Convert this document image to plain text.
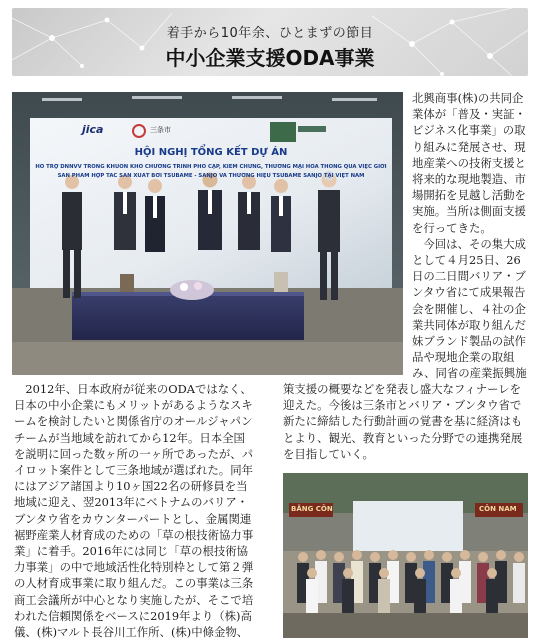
着手から10年余、ひとまずの節目
中小企業支援ODA事業
jica	三条市
HỘI NGHỊ TỔNG KẾT DỰ ÁN
HỖ TRỢ DNNVV TRONG KHUÔN KHỔ CHƯƠNG TRÌNH PHỔ CẬP, KIỂM CHỨNG, THƯƠNG MẠI HÓA THÔNG QUA VIỆC GIỚI
SẢN PHẨM HỢP TÁC SẢN XUẤT BỞI TSUBAME - SANJO VÀ THƯƠNG HIỆU TSUBAME SANJO TẠI VIỆT NAM
BĂNG CÔN	CÔN NAM
北興商事(株)の共同企
業体が「普及・実証・
ビジネス化事業」の取
り組みに発展させ、現
地産業への技術支援と
将来的な現地製造、市
場開拓を見越し活動を
実施。当所は側面支援
を行ってきた。
　今回は、その集大成
として４月25日、26
日の二日間バリア・ブ
ンタウ省にて成果報告
会を開催し、４社の企
業共同体が取り組んだ
妹ブランド製品の試作
品や現地企業の取組
み、同省の産業振興施
　2012年、日本政府が従来のODAではなく、
日本の中小企業にもメリットがあるようなスキ
ームを検討したいと関係省庁のオールジャパン
チームが当地域を訪れてから12年。日本全国
を説明に回った数ヶ所の一ヶ所であったが、パ
イロット案件として三条地域が選ばれた。同年
にはアジア諸国より10ヶ国22名の研修員を当
地域に迎え、翌2013年にベトナムのバリア・
ブンタウ省をカウンターパートとし、金属関連
裾野産業人材育成のための「草の根技術協力事
業」に着手。2016年には同じ「草の根技術協
力事業」の中で地域活性化特別枠として第２弾
の人材育成事業に取り組んだ。この事業は三条
商工会議所が中心となり実施したが、そこで培
われた信頼関係をベースに2019年より（株)高
儀、(株)マルト長谷川工作所、(株)中條金物、
策支援の概要などを発表し盛大なフィナーレを
迎えた。今後は三条市とバリア・ブンタウ省で
新たに締結した行動計画の覚書を基に経済はも
とより、観光、教育といった分野での連携発展
を目指していく。
